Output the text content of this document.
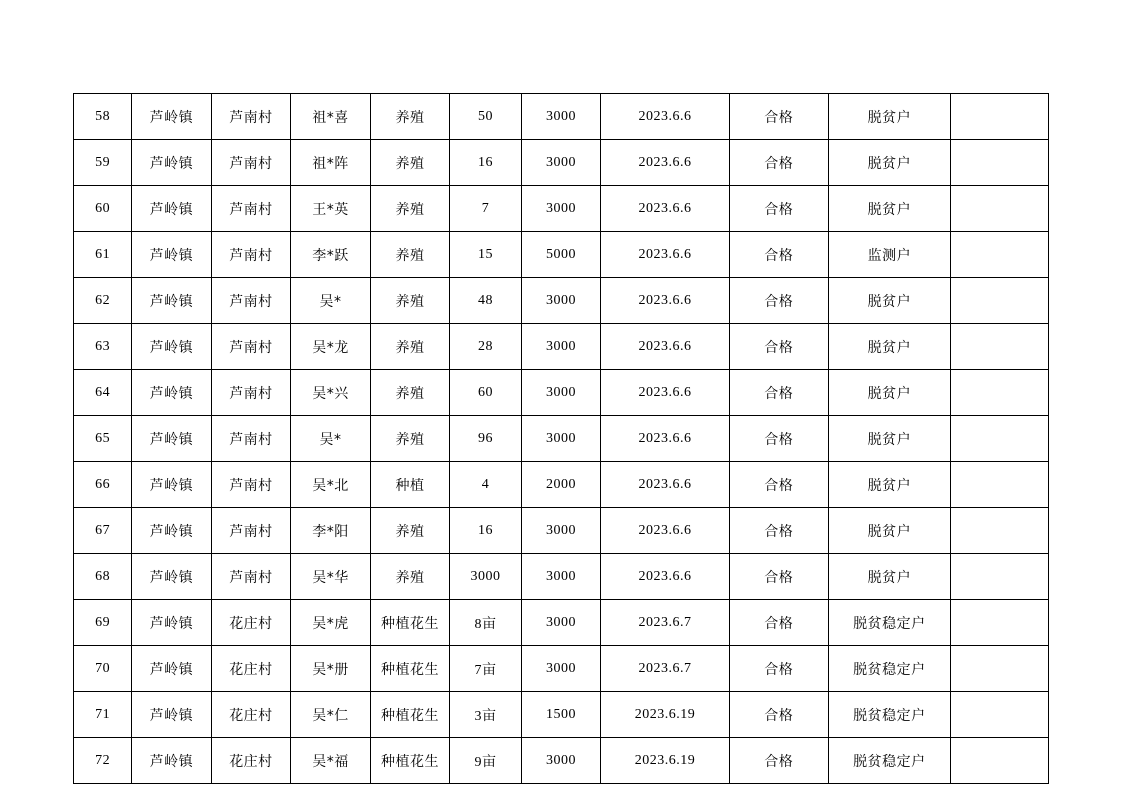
58	芦岭镇	芦南村	祖*喜	养殖	50	3000	2023.6.6	合格	脱贫户	
59	芦岭镇	芦南村	祖*阵	养殖	16	3000	2023.6.6	合格	脱贫户	
60	芦岭镇	芦南村	王*英	养殖	7	3000	2023.6.6	合格	脱贫户	
61	芦岭镇	芦南村	李*跃	养殖	15	5000	2023.6.6	合格	监测户	
62	芦岭镇	芦南村	吴*	养殖	48	3000	2023.6.6	合格	脱贫户	
63	芦岭镇	芦南村	吴*龙	养殖	28	3000	2023.6.6	合格	脱贫户	
64	芦岭镇	芦南村	吴*兴	养殖	60	3000	2023.6.6	合格	脱贫户	
65	芦岭镇	芦南村	吴*	养殖	96	3000	2023.6.6	合格	脱贫户	
66	芦岭镇	芦南村	吴*北	种植	4	2000	2023.6.6	合格	脱贫户	
67	芦岭镇	芦南村	李*阳	养殖	16	3000	2023.6.6	合格	脱贫户	
68	芦岭镇	芦南村	吴*华	养殖	3000	3000	2023.6.6	合格	脱贫户	
69	芦岭镇	花庄村	吴*虎	种植花生	8亩	3000	2023.6.7	合格	脱贫稳定户	
70	芦岭镇	花庄村	吴*册	种植花生	7亩	3000	2023.6.7	合格	脱贫稳定户	
71	芦岭镇	花庄村	吴*仁	种植花生	3亩	1500	2023.6.19	合格	脱贫稳定户	
72	芦岭镇	花庄村	吴*福	种植花生	9亩	3000	2023.6.19	合格	脱贫稳定户	
